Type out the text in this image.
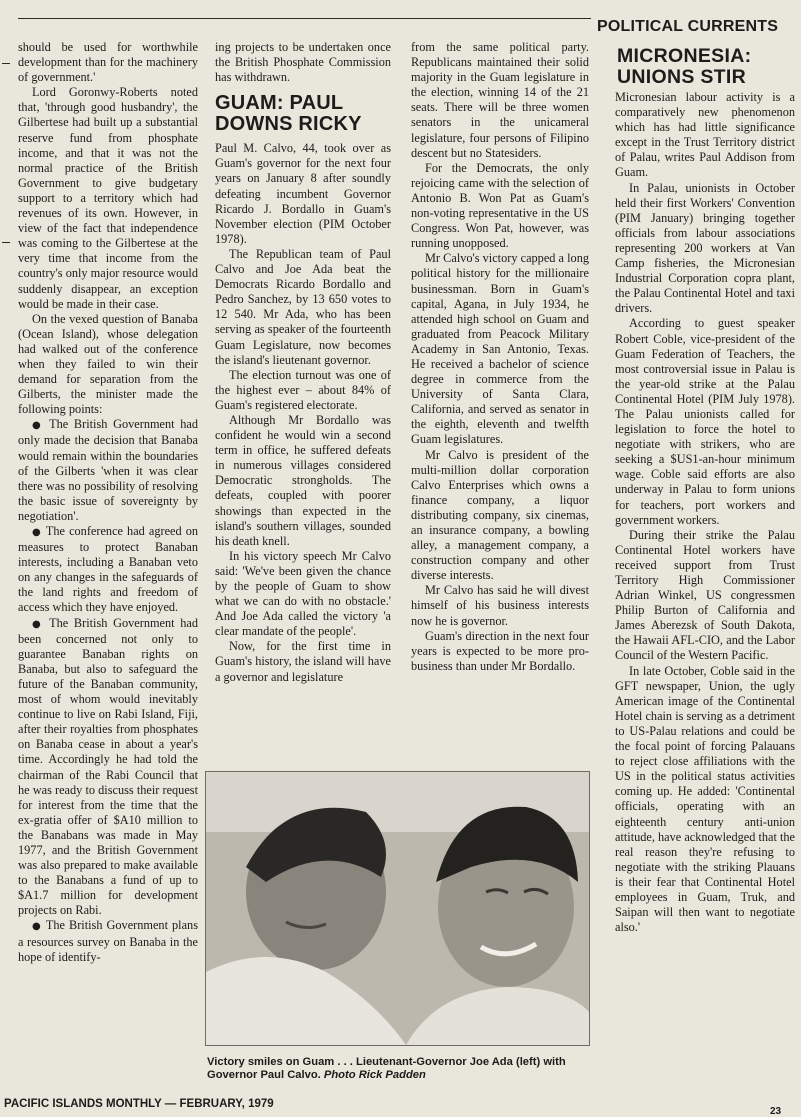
POLITICAL CURRENTS

should be used for worthwhile development than for the machinery of government.'

Lord Goronwy-Roberts noted that, 'through good husbandry', the Gilbertese had built up a substantial reserve fund from phosphate income, and that it was not the normal practice of the British Government to give budgetary support to a territory which had revenues of its own. However, in view of the fact that independence was coming to the Gilbertese at the very time that income from the country's only major resource would suddenly disappear, an exception would be made in their case.

On the vexed question of Banaba (Ocean Island), whose delegation had walked out of the conference when they failed to win their demand for separation from the Gilberts, the minister made the following points:

● The British Government had only made the decision that Banaba would remain within the boundaries of the Gilberts 'when it was clear there was no possibility of resolving the basic issue of sovereignty by negotiation'.

● The conference had agreed on measures to protect Banaban interests, including a Banaban veto on any changes in the safeguards of the land rights and freedom of access which they have enjoyed.

● The British Government had been concerned not only to guarantee Banaban rights on Banaba, but also to safeguard the future of the Banaban community, most of whom would inevitably continue to live on Rabi Island, Fiji, after their royalties from phosphates on Banaba cease in about a year's time. Accordingly he had told the chairman of the Rabi Council that he was ready to discuss their request for interest from the time that the ex-gratia offer of $A10 million to the Banabans was made in May 1977, and the British Government was also prepared to make available to the Banabans a fund of up to $A1.7 million for development projects on Rabi.

● The British Government plans a resources survey on Banaba in the hope of identify-

ing projects to be undertaken once the British Phosphate Commission has withdrawn.

GUAM: PAUL DOWNS RICKY

Paul M. Calvo, 44, took over as Guam's governor for the next four years on January 8 after soundly defeating incumbent Governor Ricardo J. Bordallo in Guam's November election (PIM October 1978).

The Republican team of Paul Calvo and Joe Ada beat the Democrats Ricardo Bordallo and Pedro Sanchez, by 13 650 votes to 12 540. Mr Ada, who has been serving as speaker of the fourteenth Guam Legislature, now becomes the island's lieutenant governor.

The election turnout was one of the highest ever – about 84% of Guam's registered electorate.

Although Mr Bordallo was confident he would win a second term in office, he suffered defeats in numerous villages considered Democratic strongholds. The defeats, coupled with poorer showings than expected in the island's southern villages, sounded his death knell.

In his victory speech Mr Calvo said: 'We've been given the chance by the people of Guam to show what we can do with no obstacle.' And Joe Ada called the victory 'a clear mandate of the people'.

Now, for the first time in Guam's history, the island will have a governor and legislature

from the same political party. Republicans maintained their solid majority in the Guam legislature in the election, winning 14 of the 21 seats. There will be three women senators in the unicameral legislature, four persons of Filipino descent but no Statesiders.

For the Democrats, the only rejoicing came with the selection of Antonio B. Won Pat as Guam's non-voting representative in the US Congress. Won Pat, however, was running unopposed.

Mr Calvo's victory capped a long political history for the millionaire businessman. Born in Guam's capital, Agana, in July 1934, he attended high school on Guam and graduated from Peacock Military Academy in San Antonio, Texas. He received a bachelor of science degree in commerce from the University of Santa Clara, California, and served as senator in the eighth, eleventh and twelfth Guam legislatures.

Mr Calvo is president of the multi-million dollar corporation Calvo Enterprises which owns a finance company, a liquor distributing company, six cinemas, an insurance company, a bowling alley, a management company, a construction company and other diverse interests.

Mr Calvo has said he will divest himself of his business interests now he is governor.

Guam's direction in the next four years is expected to be more pro-business than under Mr Bordallo.

MICRONESIA: UNIONS STIR

Micronesian labour activity is a comparatively new phenomenon which has had little significance except in the Trust Territory district of Palau, writes Paul Addison from Guam.

In Palau, unionists in October held their first Workers' Convention (PIM January) bringing together officials from labour associations representing 200 workers at Van Camp fisheries, the Micronesian Industrial Corporation copra plant, the Palau Continental Hotel and taxi drivers.

According to guest speaker Robert Coble, vice-president of the Guam Federation of Teachers, the most controversial issue in Palau is the year-old strike at the Palau Continental Hotel (PIM July 1978). The Palau unionists called for legislation to force the hotel to negotiate with strikers, who are seeking a $US1-an-hour minimum wage. Coble said efforts are also underway in Palau to form unions for teachers, port workers and government workers.

During their strike the Palau Continental Hotel workers have received support from Trust Territory High Commissioner Adrian Winkel, US congressmen Philip Burton of California and James Aberezsk of South Dakota, the Hawaii AFL-CIO, and the Labor Council of the Western Pacific.

In late October, Coble said in the GFT newspaper, Union, the ugly American image of the Continental Hotel chain is serving as a detriment to US-Palau relations and could be the focal point of forcing Palauans to reject close affiliations with the US in the political status activities coming up. He added: 'Continental officials, operating with an eighteenth century anti-union attitude, have acknowledged that the real reason they're refusing to negotiate with the striking Plauans is their fear that Continental Hotel employees in Guam, Truk, and Saipan will then want to negotiate also.'

Victory smiles on Guam . . . Lieutenant-Governor Joe Ada (left) with Governor Paul Calvo. Photo Rick Padden
PACIFIC ISLANDS MONTHLY — FEBRUARY, 1979
23
